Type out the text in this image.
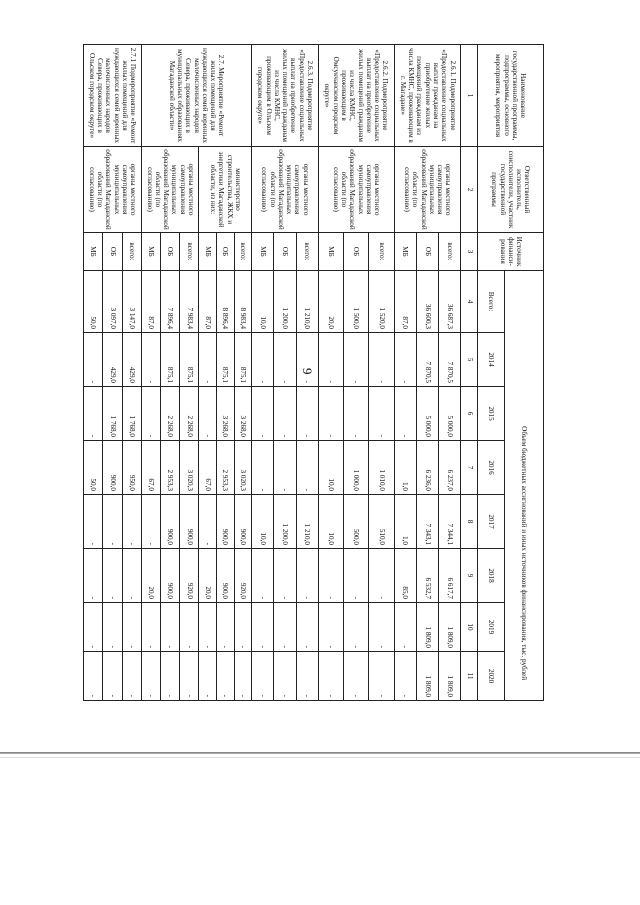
9
Наименование государственной программы, подпрограммы, основного мероприятия, мероприятия	Ответственный исполнитель, соисполнители, участник государственной программы	Источник финанси-рования	Объем бюджетных ассигнований и иных источников финансирования, тыс. рублей							
			Всего:	2014	2015	2016	2017	2018	2019	2020
1	2	3	4	5	6	7	8	9	10	11
2.6.1. Подмероприятие «Предоставление социальных выплат гражданам на приобретение жилых помещений гражданам из числа КМНС, проживающим в г. Магадане»	органы местного самоуправления муниципальных образований Магаданской области (по согласованию)	всего:	36 687,3	7 870,5	5 000,0	6 237,0	7 344,1	6 617,7	1 809,0	1 809,0
		ОБ	36 600,3	7 870,5	5 000,0	6 236,0	7 343,1	6 532,7	1 809,0	1 809,0
		МБ	87,0	-	-	1,0	1,0	85,0	-	-
2.6.2. Подмероприятие «Предоставление социальных выплат на приобретение жилых помещений гражданам из числа КМНС, проживающим в Омсукчанском городском округе»	органы местного самоуправления муниципальных образований Магаданской области (по согласованию)	всего:	1 520,0	-	-	1 010,0	510,0	-	-	-
		ОБ	1 500,0	-	-	1 000,0	500,0	-	-	-
		МБ	20,0	-	-	10,0	10,0	-	-	-
2.6.3. Подмероприятие «Предоставление социальных выплат на приобретение жилых помещений гражданам из числа КМНС, проживающим в Ольском городском округе»	органы местного самоуправления муниципальных образований Магаданской области (по согласованию)	всего:	1 210,0	-	-	-	1 210,0	-	-	-
		ОБ	1 200,0	-	-	-	1 200,0	-	-	-
		МБ	10,0	-	-	-	10,0	-	-	-
2.7. Мероприятие «Ремонт жилых помещений для нуждающихся семей коренных малочисленных народов Севера, проживающих в муниципальных образованиях Магаданской области»	министерство строительства, ЖКХ и энергетики Магаданской области, из них:	всего:	8 983,4	875,1	3 268,0	3 020,3	900,0	920,0	-	-
		ОБ	8 896,4	875,1	3 268,0	2 953,3	900,0	900,0	-	-
		МБ	87,0	-	-	67,0	-	20,0	-	-
	органы местного самоуправления муниципальных образований Магаданской области (по согласованию)	всего:	7 983,4	875,1	2 268,0	3 020,3	900,0	920,0	-	-
		ОБ	7 896,4	875,1	2 268,0	2 953,3	900,0	900,0	-	-
		МБ	87,0	-	-	67,0	-	20,0	-	-
2.7.1 Подмероприятие «Ремонт жилых помещений для нуждающихся семей коренных малочисленных народов Севера, проживающих в Ольском городском округе»	органы местного самоуправления муниципальных образований Магаданской области (по согласованию)	всего:	3 147,0	429,0	1 768,0	950,0	-	-	-	-
		ОБ	3 097,0	429,0	1 768,0	900,0	-	-	-	-
		МБ	50,0	-	-	50,0	-	-	-	-
